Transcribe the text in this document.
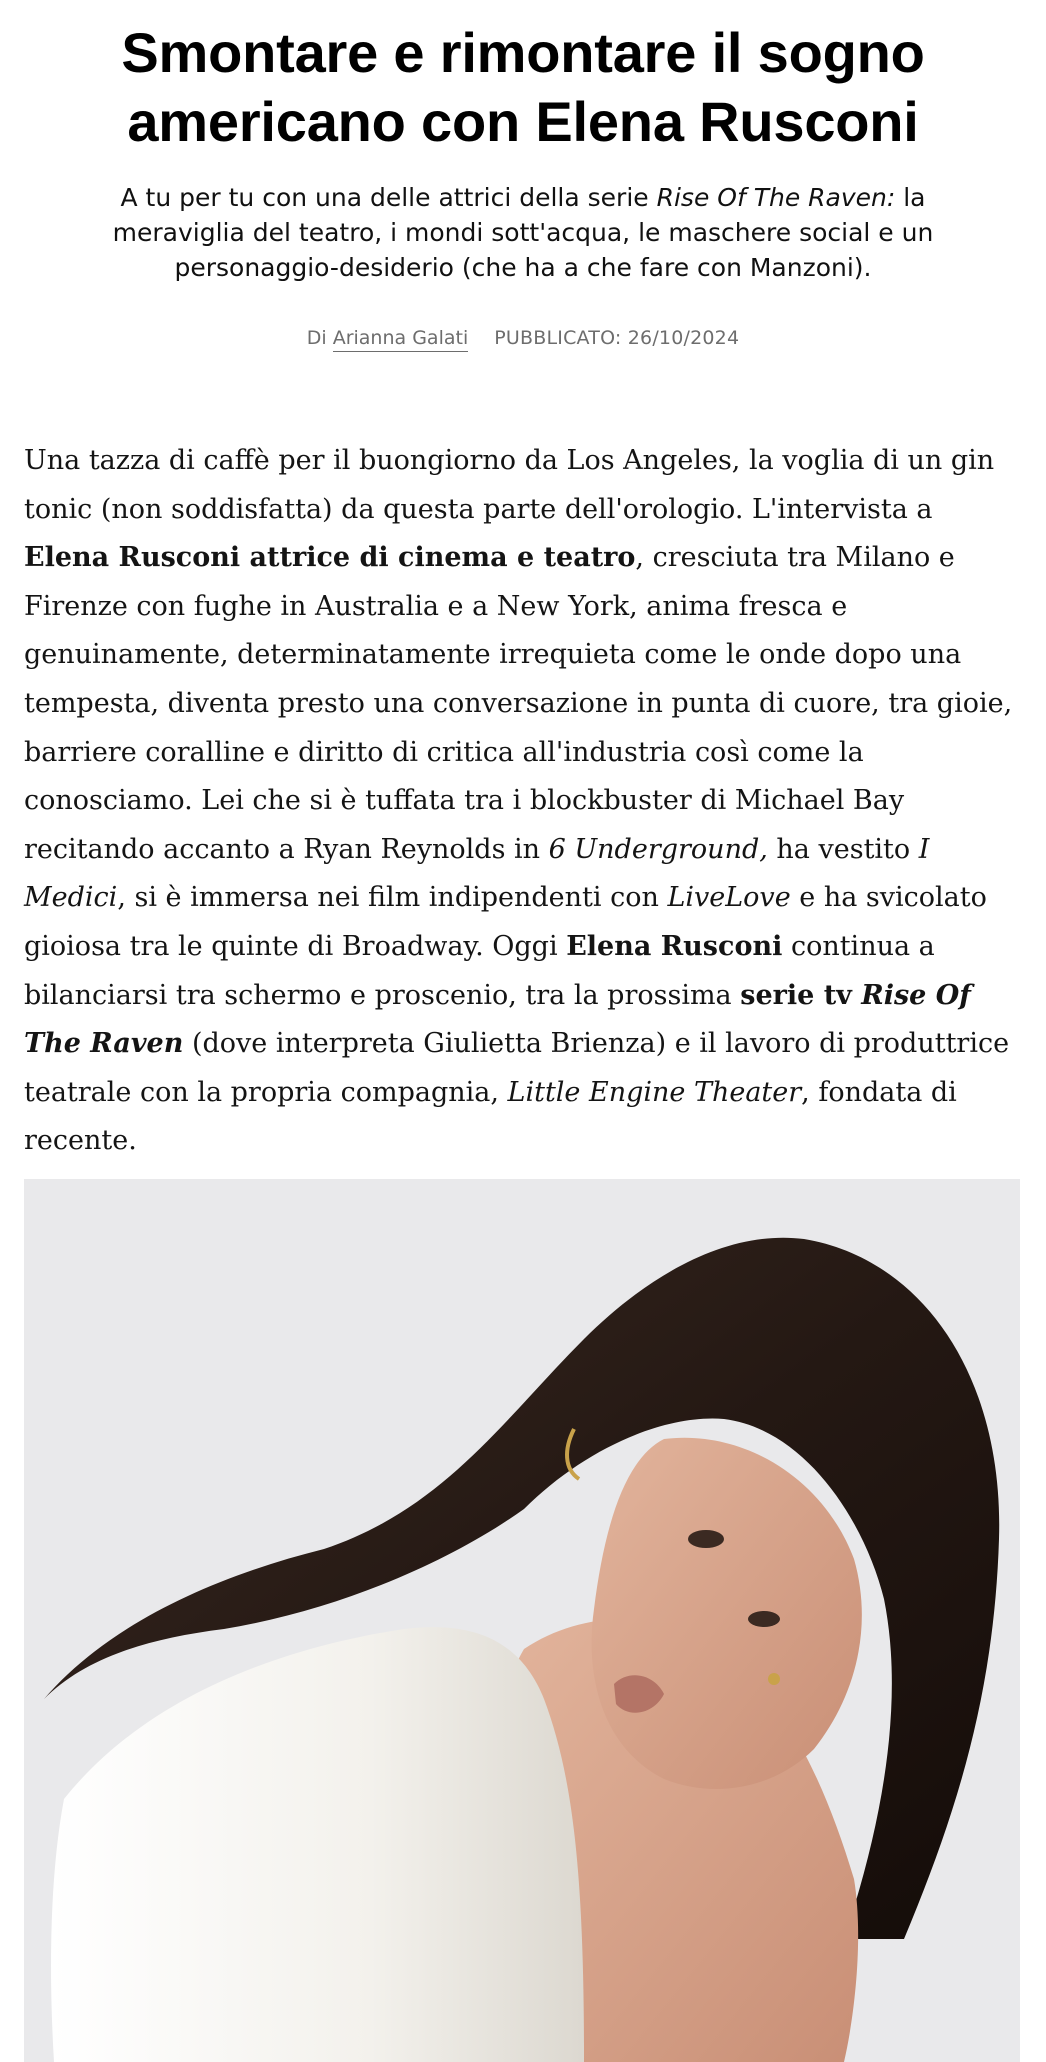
Smontare e rimontare il sogno americano con Elena Rusconi

A tu per tu con una delle attrici della serie Rise Of The Raven: la meraviglia del teatro, i mondi sott'acqua, le maschere social e un personaggio-desiderio (che ha a che fare con Manzoni).

Di Arianna Galati PUBBLICATO: 26/10/2024

Una tazza di caffè per il buongiorno da Los Angeles, la voglia di un gin tonic (non soddisfatta) da questa parte dell'orologio. L'intervista a Elena Rusconi attrice di cinema e teatro, cresciuta tra Milano e Firenze con fughe in Australia e a New York, anima fresca e genuinamente, determinatamente irrequieta come le onde dopo una tempesta, diventa presto una conversazione in punta di cuore, tra gioie, barriere coralline e diritto di critica all'industria così come la conosciamo. Lei che si è tuffata tra i blockbuster di Michael Bay recitando accanto a Ryan Reynolds in 6 Underground, ha vestito I Medici, si è immersa nei film indipendenti con LiveLove e ha svicolato gioiosa tra le quinte di Broadway. Oggi Elena Rusconi continua a bilanciarsi tra schermo e proscenio, tra la prossima serie tv Rise Of The Raven (dove interpreta Giulietta Brienza) e il lavoro di produttrice teatrale con la propria compagnia, Little Engine Theater, fondata di recente.
